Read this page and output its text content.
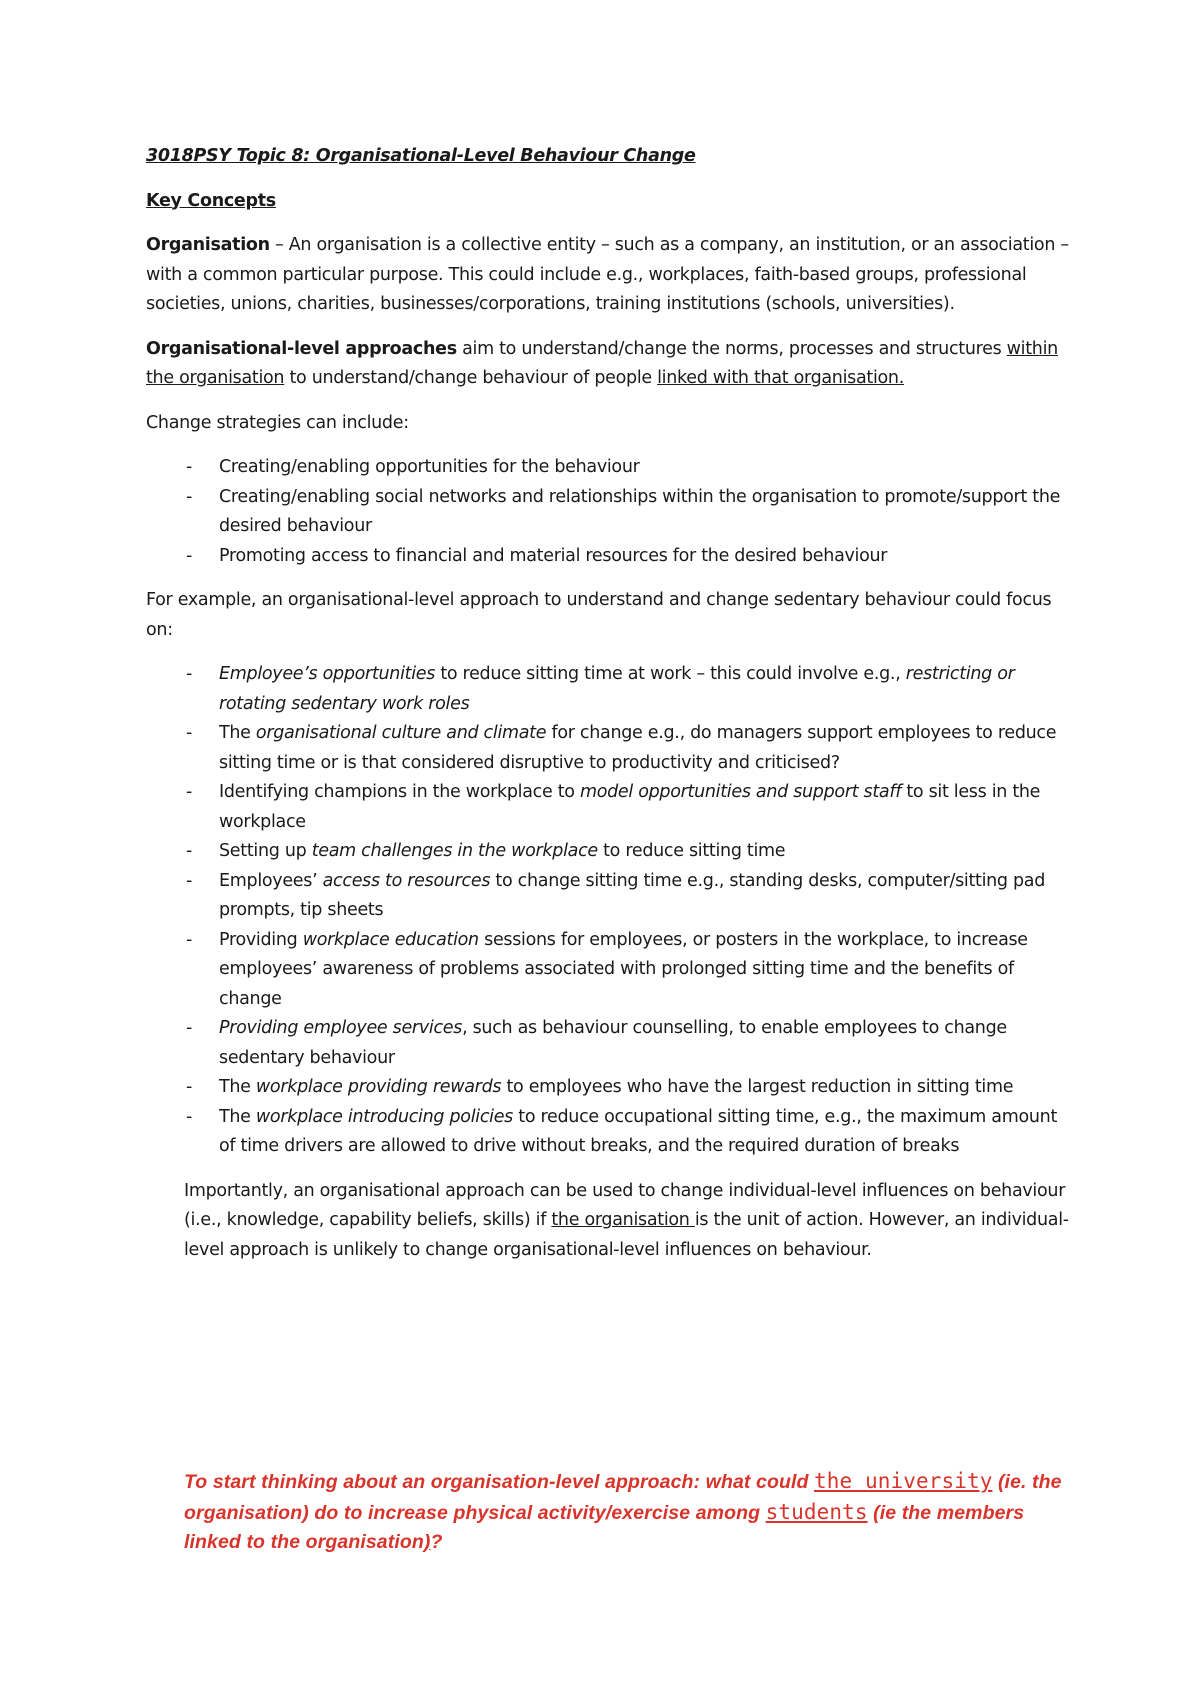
3018PSY Topic 8: Organisational-Level Behaviour Change

Key Concepts

Organisation – An organisation is a collective entity – such as a company, an institution, or an association – with a common particular purpose. This could include e.g., workplaces, faith-based groups, professional societies, unions, charities, businesses/corporations, training institutions (schools, universities).

Organisational-level approaches aim to understand/change the norms, processes and structures within the organisation to understand/change behaviour of people linked with that organisation.

Change strategies can include:

- Creating/enabling opportunities for the behaviour
- Creating/enabling social networks and relationships within the organisation to promote/support the desired behaviour
- Promoting access to financial and material resources for the desired behaviour

For example, an organisational-level approach to understand and change sedentary behaviour could focus on:

- Employee’s opportunities to reduce sitting time at work – this could involve e.g., restricting or rotating sedentary work roles
- The organisational culture and climate for change e.g., do managers support employees to reduce sitting time or is that considered disruptive to productivity and criticised?
- Identifying champions in the workplace to model opportunities and support staff to sit less in the workplace
- Setting up team challenges in the workplace to reduce sitting time
- Employees’ access to resources to change sitting time e.g., standing desks, computer/sitting pad prompts, tip sheets
- Providing workplace education sessions for employees, or posters in the workplace, to increase employees’ awareness of problems associated with prolonged sitting time and the benefits of change
- Providing employee services, such as behaviour counselling, to enable employees to change sedentary behaviour
- The workplace providing rewards to employees who have the largest reduction in sitting time
- The workplace introducing policies to reduce occupational sitting time, e.g., the maximum amount of time drivers are allowed to drive without breaks, and the required duration of breaks

Importantly, an organisational approach can be used to change individual-level influences on behaviour (i.e., knowledge, capability beliefs, skills) if the organisation is the unit of action. However, an individual-level approach is unlikely to change organisational-level influences on behaviour.

To start thinking about an organisation-level approach: what could the university (ie. the organisation) do to increase physical activity/exercise among students (ie the members linked to the organisation)?
